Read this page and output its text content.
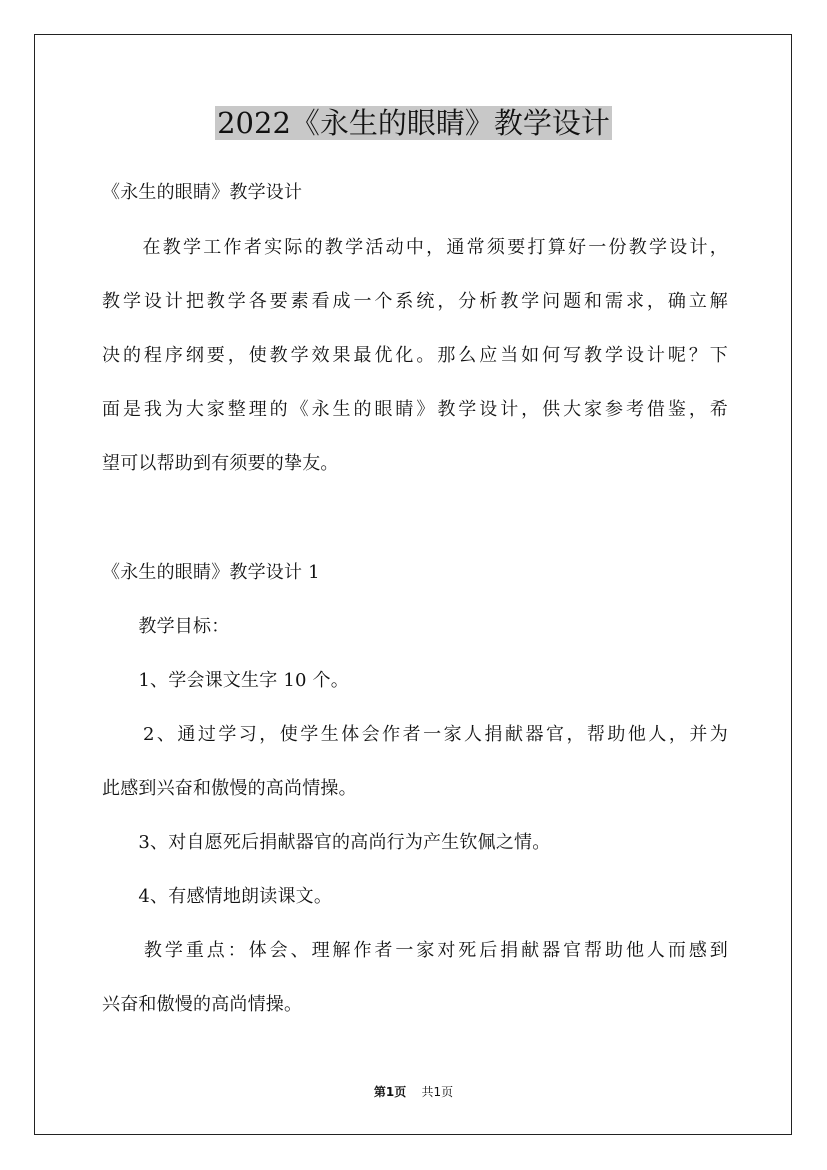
2022《永生的眼睛》教学设计
《永生的眼睛》教学设计
　　在教学工作者实际的教学活动中，通常须要打算好一份教学设计，
教学设计把教学各要素看成一个系统，分析教学问题和需求，确立解
决的程序纲要，使教学效果最优化。那么应当如何写教学设计呢？下
面是我为大家整理的《永生的眼睛》教学设计，供大家参考借鉴，希
望可以帮助到有须要的挚友。
《永生的眼睛》教学设计 1
　　教学目标：
　　1、学会课文生字 10 个。
　　2、通过学习，使学生体会作者一家人捐献器官，帮助他人，并为
此感到兴奋和傲慢的高尚情操。
　　3、对自愿死后捐献器官的高尚行为产生钦佩之情。
　　4、有感情地朗读课文。
　　教学重点：体会、理解作者一家对死后捐献器官帮助他人而感到
兴奋和傲慢的高尚情操。
第1页 共1页
